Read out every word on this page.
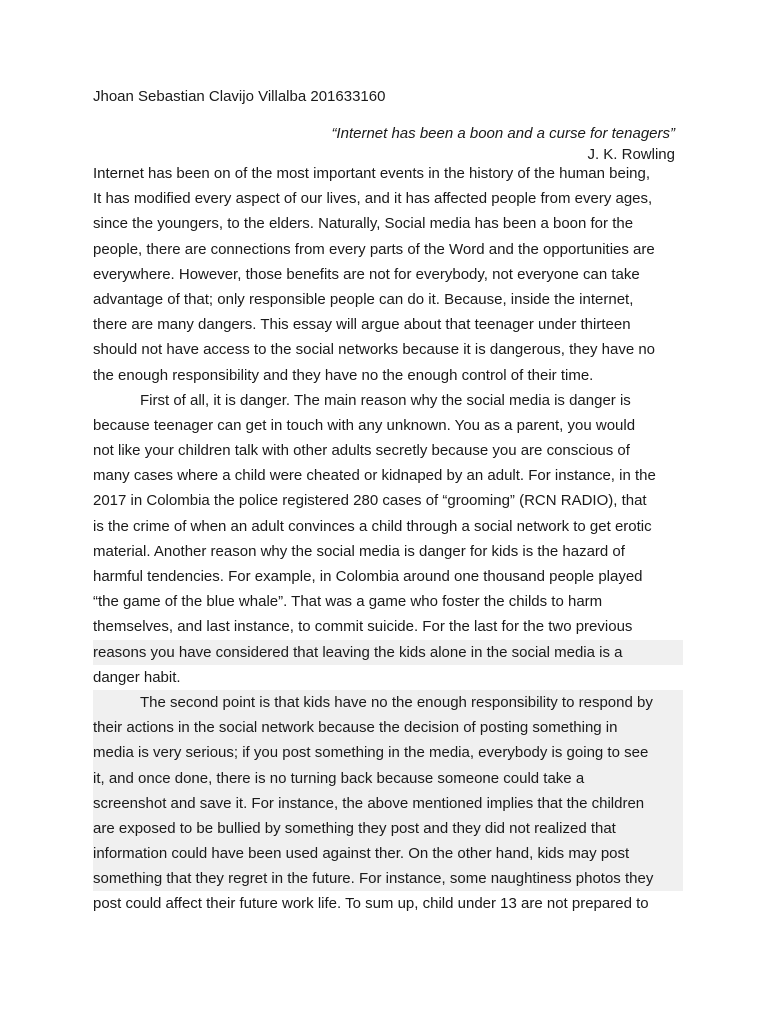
Jhoan Sebastian Clavijo Villalba 201633160
“Internet has been a boon and a curse for tenagers”
J. K. Rowling
Internet has been on of the most important events in the history of the human being,
It has modified every aspect of our lives, and it has affected people from every ages,
since the youngers, to the elders. Naturally, Social media has been a boon for the
people, there are connections from every parts of the Word and the opportunities are
everywhere. However, those benefits are not for everybody, not everyone can take
advantage of that; only responsible people can do it. Because, inside the internet,
there are many dangers. This essay will argue about that teenager under thirteen
should not have access to the social networks because it is dangerous, they have no
the enough responsibility and they have no the enough control of their time.
First of all, it is danger. The main reason why the social media is danger is
because teenager can get in touch with any unknown. You as a parent, you would
not like your children talk with other adults secretly because you are conscious of
many cases where a child were cheated or kidnaped by an adult. For instance, in the
2017 in Colombia the police registered 280 cases of “grooming” (RCN RADIO), that
is the crime of when an adult convinces a child through a social network to get erotic
material. Another reason why the social media is danger for kids is the hazard of
harmful tendencies. For example, in Colombia around one thousand people played
“the game of the blue whale”. That was a game who foster the childs to harm
themselves, and last instance, to commit suicide. For the last for the two previous
reasons you have considered that leaving the kids alone in the social media is a
danger habit.
The second point is that kids have no the enough responsibility to respond by
their actions in the social network because the decision of posting something in
media is very serious; if you post something in the media, everybody is going to see
it, and once done, there is no turning back because someone could take a
screenshot and save it. For instance, the above mentioned implies that the children
are exposed to be bullied by something they post and they did not realized that
information could have been used against ther. On the other hand, kids may post
something that they regret in the future. For instance, some naughtiness photos they
post could affect their future work life. To sum up, child under 13 are not prepared to
